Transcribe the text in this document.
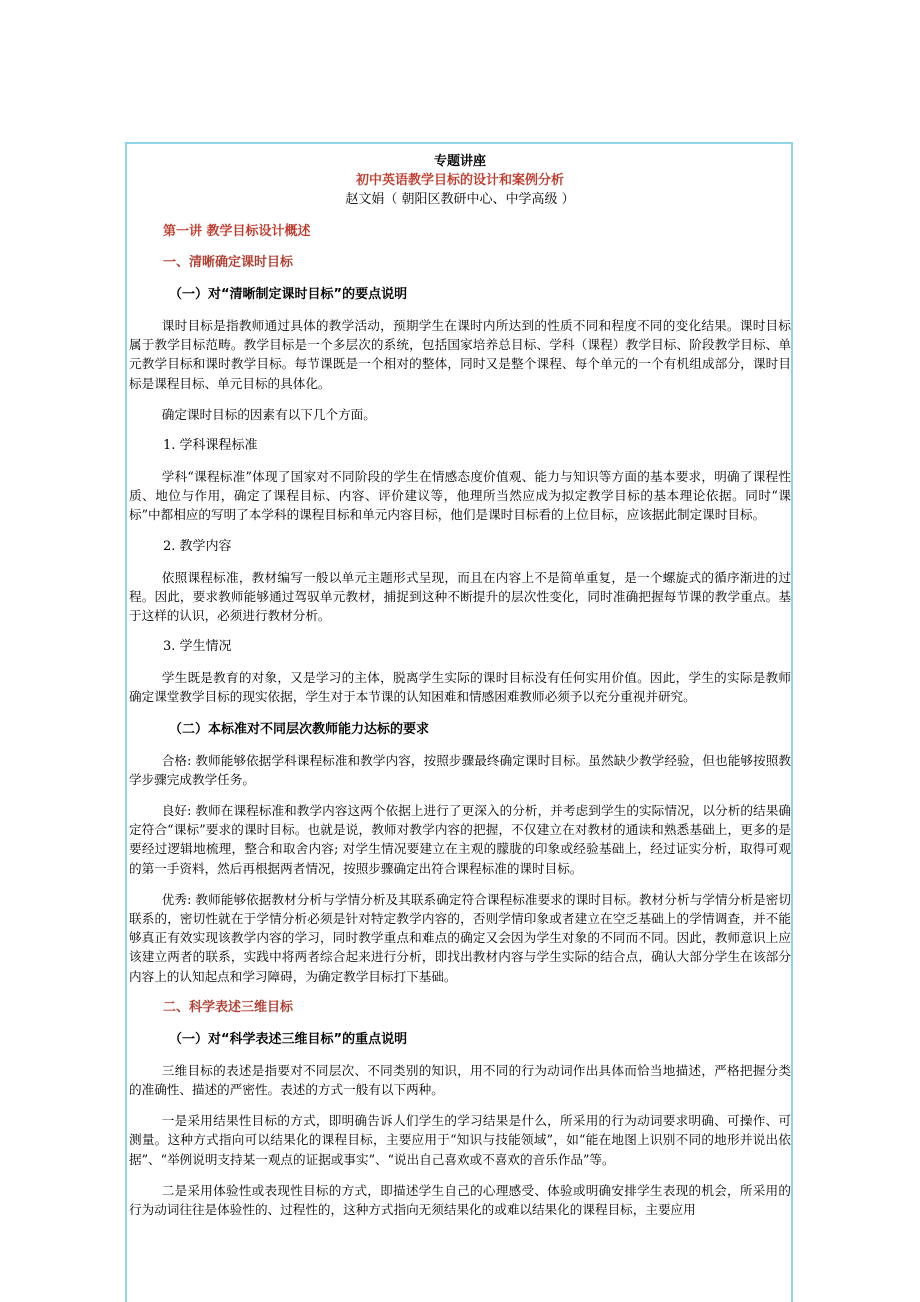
专题讲座
初中英语教学目标的设计和案例分析
赵文娟（ 朝阳区教研中心、中学高级 ）
第一讲 教学目标设计概述
一、清晰确定课时目标
（一）对“清晰制定课时目标”的要点说明

课时目标是指教师通过具体的教学活动，预期学生在课时内所达到的性质不同和程度不同的变化结果。课时目标属于教学目标范畴。教学目标是一个多层次的系统，包括国家培养总目标、学科（课程）教学目标、阶段教学目标、单元教学目标和课时教学目标。每节课既是一个相对的整体，同时又是整个课程、每个单元的一个有机组成部分，课时目标是课程目标、单元目标的具体化。

确定课时目标的因素有以下几个方面。

1. 学科课程标准

学科“课程标准”体现了国家对不同阶段的学生在情感态度价值观、能力与知识等方面的基本要求，明确了课程性质、地位与作用，确定了课程目标、内容、评价建议等，他理所当然应成为拟定教学目标的基本理论依据。同时“课标”中都相应的写明了本学科的课程目标和单元内容目标，他们是课时目标看的上位目标，应该据此制定课时目标。

2. 教学内容

依照课程标准，教材编写一般以单元主题形式呈现，而且在内容上不是简单重复，是一个螺旋式的循序渐进的过程。因此，要求教师能够通过驾驭单元教材，捕捉到这种不断提升的层次性变化，同时准确把握每节课的教学重点。基于这样的认识，必须进行教材分析。

3. 学生情况

学生既是教育的对象，又是学习的主体，脱离学生实际的课时目标没有任何实用价值。因此，学生的实际是教师确定课堂教学目标的现实依据，学生对于本节课的认知困难和情感困难教师必须予以充分重视并研究。

（二）本标准对不同层次教师能力达标的要求

合格: 教师能够依据学科课程标准和教学内容，按照步骤最终确定课时目标。虽然缺少教学经验，但也能够按照教学步骤完成教学任务。

良好: 教师在课程标准和教学内容这两个依据上进行了更深入的分析，并考虑到学生的实际情况，以分析的结果确定符合“课标”要求的课时目标。也就是说，教师对教学内容的把握，不仅建立在对教材的通读和熟悉基础上，更多的是要经过逻辑地梳理，整合和取舍内容; 对学生情况要建立在主观的朦胧的印象或经验基础上，经过证实分析，取得可观的第一手资料，然后再根据两者情况，按照步骤确定出符合课程标准的课时目标。

优秀: 教师能够依据教材分析与学情分析及其联系确定符合课程标准要求的课时目标。教材分析与学情分析是密切联系的，密切性就在于学情分析必须是针对特定教学内容的，否则学情印象或者建立在空乏基础上的学情调查，并不能够真正有效实现该教学内容的学习，同时教学重点和难点的确定又会因为学生对象的不同而不同。因此，教师意识上应该建立两者的联系，实践中将两者综合起来进行分析，即找出教材内容与学生实际的结合点，确认大部分学生在该部分内容上的认知起点和学习障碍，为确定教学目标打下基础。

二、科学表述三维目标
（一）对“科学表述三维目标”的重点说明

三维目标的表述是指要对不同层次、不同类别的知识，用不同的行为动词作出具体而恰当地描述，严格把握分类的准确性、描述的严密性。表述的方式一般有以下两种。

一是采用结果性目标的方式，即明确告诉人们学生的学习结果是什么，所采用的行为动词要求明确、可操作、可测量。这种方式指向可以结果化的课程目标，主要应用于“知识与技能领域”，如“能在地图上识别不同的地形并说出依据”、“举例说明支持某一观点的证据或事实”、“说出自己喜欢或不喜欢的音乐作品”等。

二是采用体验性或表现性目标的方式，即描述学生自己的心理感受、体验或明确安排学生表现的机会，所采用的行为动词往往是体验性的、过程性的，这种方式指向无须结果化的或难以结果化的课程目标，主要应用
